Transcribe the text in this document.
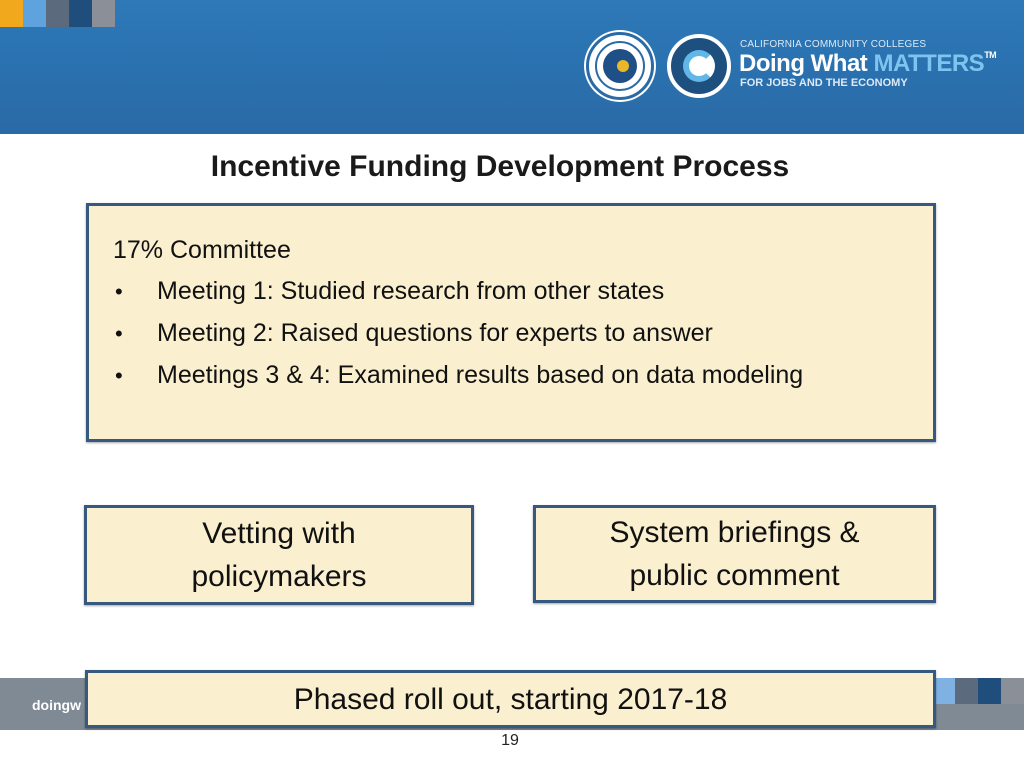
CALIFORNIA COMMUNITY COLLEGES
Doing What MATTERS™
FOR JOBS AND THE ECONOMY
Incentive Funding Development Process
17% Committee
• Meeting 1: Studied research from other states
• Meeting 2: Raised questions for experts to answer
• Meetings 3 & 4: Examined results based on data modeling
Vetting with
policymakers
System briefings &
public comment
doingw	Phased roll out, starting 2017-18
19
